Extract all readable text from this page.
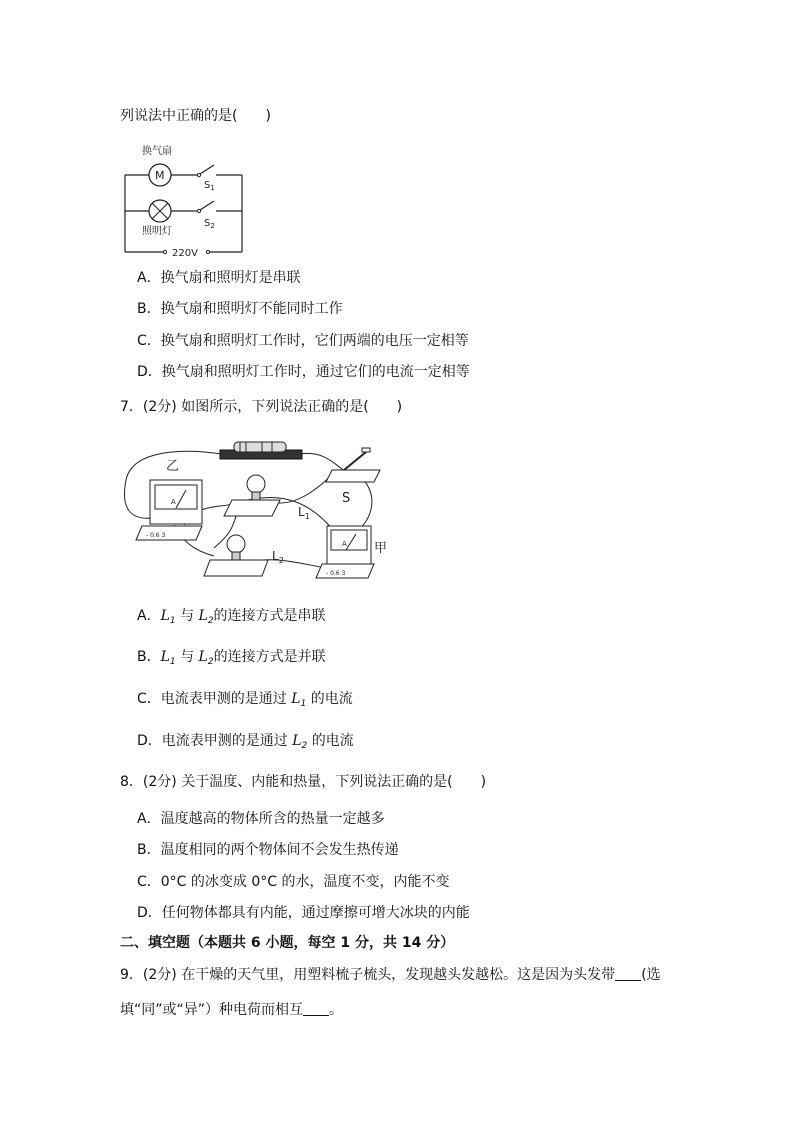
列说法中正确的是(　　)
换气扇
M
$S_1$
$S_2$
照明灯
220V
A．换气扇和照明灯是串联
B．换气扇和照明灯不能同时工作
C．换气扇和照明灯工作时，它们两端的电压一定相等
D．换气扇和照明灯工作时，通过它们的电流一定相等
7．(2分) 如图所示，下列说法正确的是(　　)
S
乙
A
- 0.6 3
$L_1$
$L_2$
A
- 0.6 3
甲
A．$L_1$ 与 $L_2$的连接方式是串联
B．$L_1$ 与 $L_2$的连接方式是并联
C．电流表甲测的是通过 $L_1$ 的电流
D．电流表甲测的是通过 $L_2$ 的电流
8．(2分) 关于温度、内能和热量，下列说法正确的是(　　)
A．温度越高的物体所含的热量一定越多
B．温度相同的两个物体间不会发生热传递
C．0°C 的冰变成 0°C 的水，温度不变，内能不变
D．任何物体都具有内能，通过摩擦可增大冰块的内能
二、填空题（本题共 6 小题，每空 1 分，共 14 分）
9．(2分) 在干燥的天气里，用塑料梳子梳头，发现越头发越松。这是因为头发带 (选
填“同”或“异”）种电荷而相互 。
